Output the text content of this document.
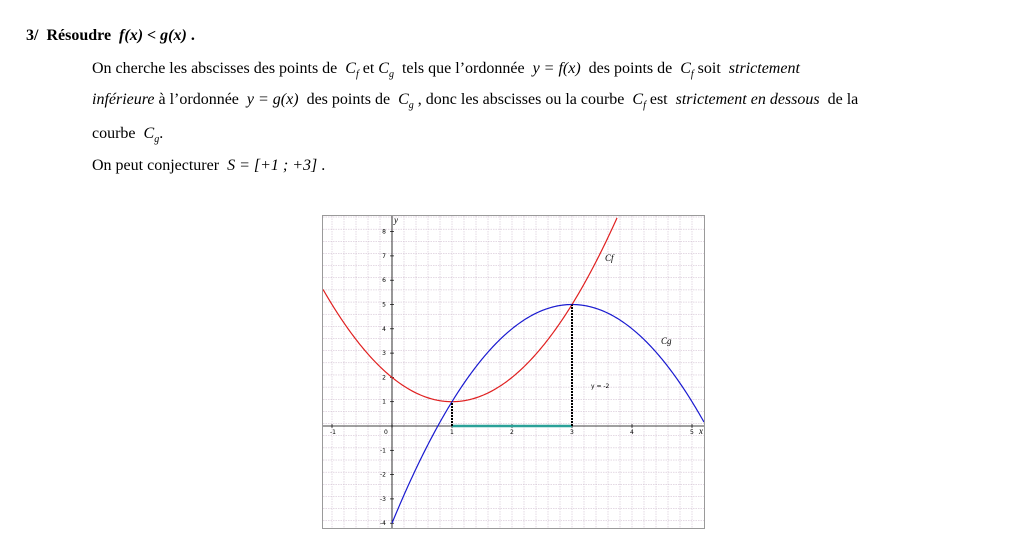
3/ Résoudre f(x) < g(x) .
On cherche les abscisses des points de $C_f$ et $C_g$ tels que l’ordonnée y = f(x) des points de $C_f$ soit strictement
inférieure à l’ordonnée y = g(x) des points de $C_g$ , donc les abscisses ou la courbe $C_f$ est strictement en dessous de la
courbe $C_g$.
On peut conjecturer S = [+1 ; +3] .
-1	0	1	2	3	4	5
-4
-3
-2
-1
1
2
3
4
5
6
7
8
x
y
Cf
Cg
y = -2
